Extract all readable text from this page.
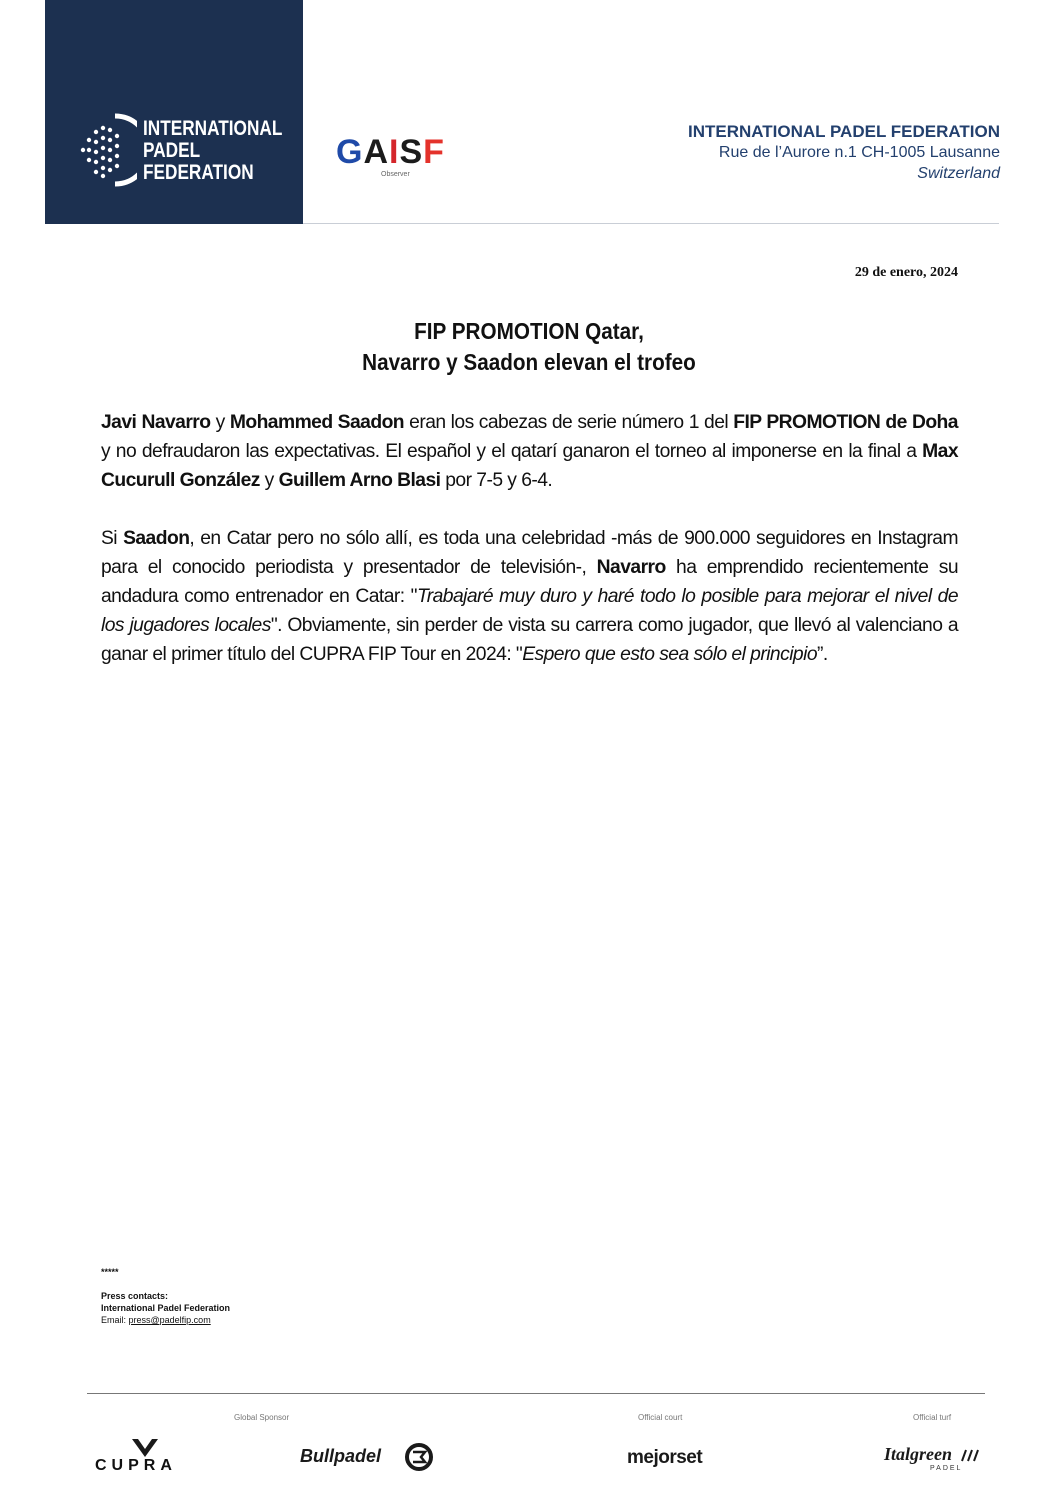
INTERNATIONAL
PADEL
FEDERATION
GAISF
Observer
INTERNATIONAL PADEL FEDERATION
Rue de l’Aurore n.1 CH-1005 Lausanne
Switzerland
29 de enero, 2024
FIP PROMOTION Qatar,
Navarro y Saadon elevan el trofeo

Javi Navarro y Mohammed Saadon eran los cabezas de serie número 1 del FIP PROMOTION de Doha y no defraudaron las expectativas. El español y el qatarí ganaron el torneo al imponerse en la final a Max Cucurull González y Guillem Arno Blasi por 7-5 y 6-4.

Si Saadon, en Catar pero no sólo allí, es toda una celebridad -más de 900.000 seguidores en Instagram para el conocido periodista y presentador de televisión-, Navarro ha emprendido recientemente su andadura como entrenador en Catar: "Trabajaré muy duro y haré todo lo posible para mejorar el nivel de los jugadores locales". Obviamente, sin perder de vista su carrera como jugador, que llevó al valenciano a ganar el primer título del CUPRA FIP Tour en 2024: "Espero que esto sea sólo el principio”.

*****
Press contacts:
International Padel Federation
Email: press@padelfip.com
Global Sponsor	Official court	Official turf
CUPRA	Bullpadel	mejorset	Italgreen
PADEL
